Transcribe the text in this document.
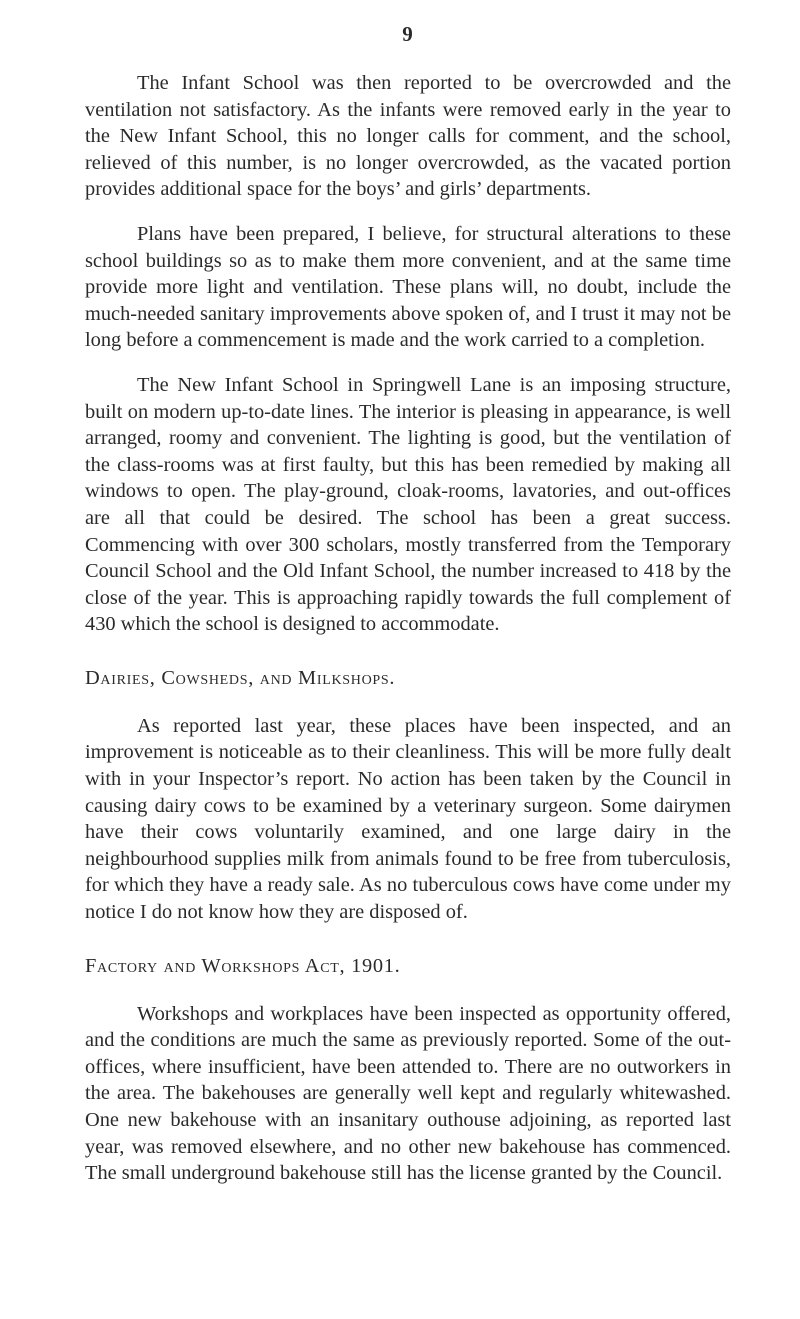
9

The Infant School was then reported to be overcrowded and the ventilation not satisfactory. As the infants were removed early in the year to the New Infant School, this no longer calls for comment, and the school, relieved of this number, is no longer overcrowded, as the vacated portion provides additional space for the boys’ and girls’ departments.

Plans have been prepared, I believe, for structural alterations to these school buildings so as to make them more convenient, and at the same time provide more light and ventilation. These plans will, no doubt, include the much-needed sanitary improvements above spoken of, and I trust it may not be long before a commencement is made and the work carried to a completion.

The New Infant School in Springwell Lane is an imposing structure, built on modern up-to-date lines. The interior is pleasing in appearance, is well arranged, roomy and convenient. The lighting is good, but the ventilation of the class-rooms was at first faulty, but this has been remedied by making all windows to open. The play-ground, cloak-rooms, lavatories, and out-offices are all that could be desired. The school has been a great success. Commencing with over 300 scholars, mostly transferred from the Temporary Council School and the Old Infant School, the number increased to 418 by the close of the year. This is approaching rapidly towards the full complement of 430 which the school is designed to accommodate.

Dairies, Cowsheds, and Milkshops.

As reported last year, these places have been inspected, and an improvement is noticeable as to their cleanliness. This will be more fully dealt with in your Inspector’s report. No action has been taken by the Council in causing dairy cows to be examined by a veterinary surgeon. Some dairymen have their cows voluntarily examined, and one large dairy in the neighbourhood supplies milk from animals found to be free from tuberculosis, for which they have a ready sale. As no tuberculous cows have come under my notice I do not know how they are disposed of.

Factory and Workshops Act, 1901.

Workshops and workplaces have been inspected as opportunity offered, and the conditions are much the same as previously reported. Some of the out-offices, where insufficient, have been attended to. There are no outworkers in the area. The bakehouses are generally well kept and regularly whitewashed. One new bakehouse with an insanitary outhouse adjoining, as reported last year, was removed elsewhere, and no other new bakehouse has commenced. The small underground bakehouse still has the license granted by the Council.
